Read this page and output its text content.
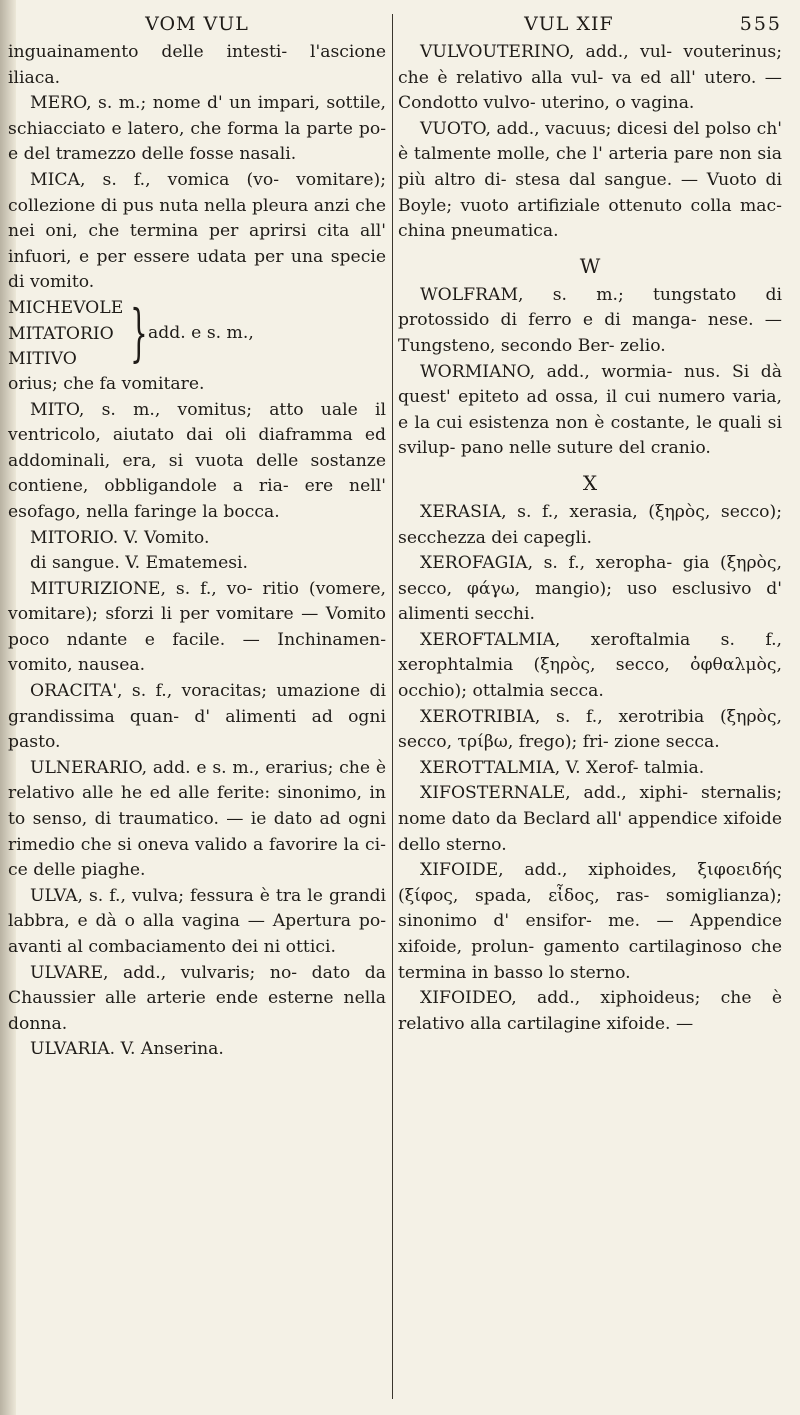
VOM VUL

inguainamento delle intesti- l'ascione iliaca.

MERO, s. m.; nome d' un impari, sottile, schiacciato e latero, che forma la parte po- e del tramezzo delle fosse nasali.

MICA, s. f., vomica (vo- vomitare); collezione di pus nuta nella pleura anzi che nei oni, che termina per aprirsi cita all' infuori, e per essere udata per una specie di vomito.

MICHEVOLE
MITATORIO
MITIVO } add. e s. m.,

orius; che fa vomitare.

MITO, s. m., vomitus; atto uale il ventricolo, aiutato dai oli diaframma ed addominali, era, si vuota delle sostanze contiene, obbligandole a ria- ere nell' esofago, nella faringe la bocca.

MITORIO. V. Vomito.

di sangue. V. Ematemesi.

MITURIZIONE, s. f., vo- ritio (vomere, vomitare); sforzi li per vomitare — Vomito poco ndante e facile. — Inchinamen- vomito, nausea.

ORACITA', s. f., voracitas; umazione di grandissima quan- d' alimenti ad ogni pasto.

ULNERARIO, add. e s. m., erarius; che è relativo alle he ed alle ferite: sinonimo, in to senso, di traumatico. — ie dato ad ogni rimedio che si oneva valido a favorire la ci- ce delle piaghe.

ULVA, s. f., vulva; fessura è tra le grandi labbra, e dà o alla vagina — Apertura po- avanti al combaciamento dei ni ottici.

ULVARE, add., vulvaris; no- dato da Chaussier alle arterie ende esterne nella donna.

ULVARIA. V. Anserina.

VUL XIF	555

VULVOUTERINO, add., vul- vouterinus; che è relativo alla vul- va ed all' utero. — Condotto vulvo- uterino, o vagina.

VUOTO, add., vacuus; dicesi del polso ch' è talmente molle, che l' arteria pare non sia più altro di- stesa dal sangue. — Vuoto di Boyle; vuoto artifiziale ottenuto colla mac- china pneumatica.

W

WOLFRAM, s. m.; tungstato di protossido di ferro e di manga- nese. — Tungsteno, secondo Ber- zelio.

WORMIANO, add., wormia- nus. Si dà quest' epiteto ad ossa, il cui numero varia, e la cui esistenza non è costante, le quali si svilup- pano nelle suture del cranio.

X

XERASIA, s. f., xerasia, (ξηρὸς, secco); secchezza dei capegli.

XEROFAGIA, s. f., xeropha- gia (ξηρὸς, secco, φάγω, mangio); uso esclusivo d' alimenti secchi.

XEROFTALMIA, xeroftalmia s. f., xerophtalmia (ξηρὸς, secco, ὀφθαλμὸς, occhio); ottalmia secca.

XEROTRIBIA, s. f., xerotribia (ξηρὸς, secco, τρίβω, frego); fri- zione secca.

XEROTTALMIA, V. Xerof- talmia.

XIFOSTERNALE, add., xiphi- sternalis; nome dato da Beclard all' appendice xifoide dello sterno.

XIFOIDE, add., xiphoides, ξιφοειδής (ξίφος, spada, εἶδος, ras- somiglianza); sinonimo d' ensifor- me. — Appendice xifoide, prolun- gamento cartilaginoso che termina in basso lo sterno.

XIFOIDEO, add., xiphoideus; che è relativo alla cartilagine xifoide. —
